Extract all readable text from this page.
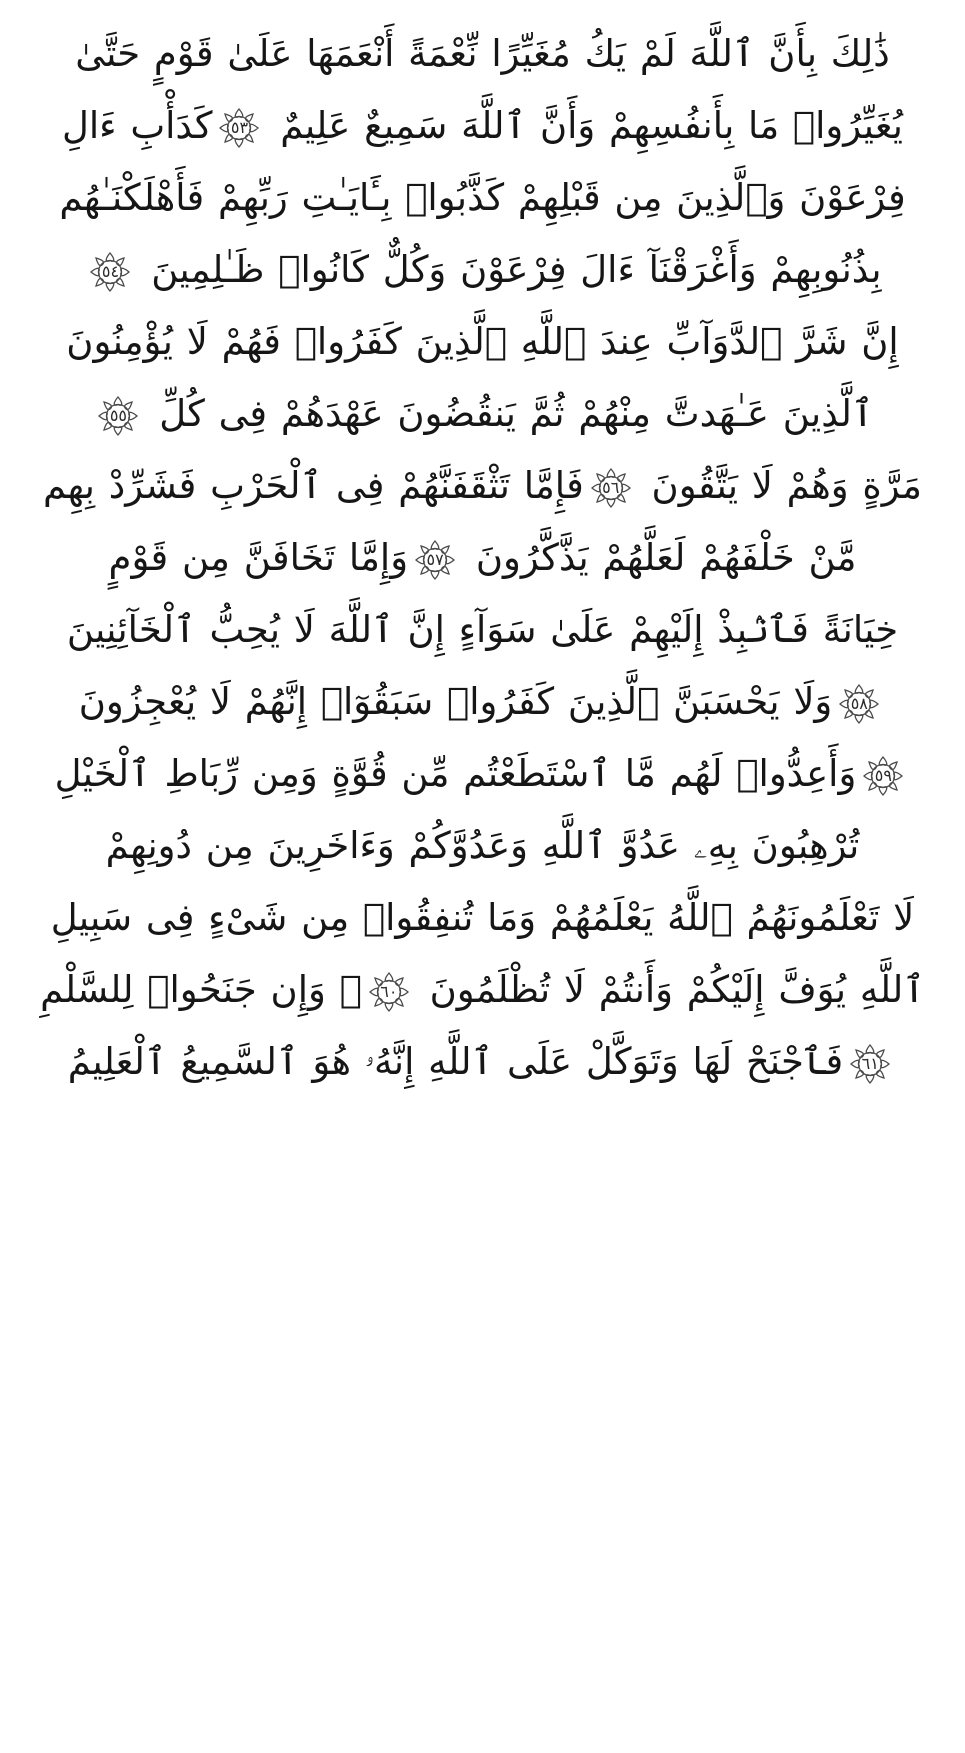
ذَٰلِكَ بِأَنَّ ٱللَّهَ لَمْ يَكُ مُغَيِّرًا نِّعْمَةً أَنْعَمَهَا عَلَىٰ قَوْمٍ حَتَّىٰ
يُغَيِّرُوا۟ مَا بِأَنفُسِهِمْ وَأَنَّ ٱللَّهَ سَمِيعٌ عَلِيمٌ
٥٣كَدَأْبِ ءَالِ
فِرْعَوْنَ وَٱلَّذِينَ مِن قَبْلِهِمْ كَذَّبُوا۟ بِـَٔايَـٰتِ رَبِّهِمْ فَأَهْلَكْنَـٰهُم
بِذُنُوبِهِمْ وَأَغْرَقْنَآ ءَالَ فِرْعَوْنَ وَكُلٌّ كَانُوا۟ ظَـٰلِمِينَ
٥٤
إِنَّ شَرَّ ٱلدَّوَآبِّ عِندَ ٱللَّهِ ٱلَّذِينَ كَفَرُوا۟ فَهُمْ لَا يُؤْمِنُونَ
ٱلَّذِينَ عَـٰهَدتَّ مِنْهُمْ ثُمَّ يَنقُضُونَ عَهْدَهُمْ فِى كُلِّ
٥٥
مَرَّةٍ وَهُمْ لَا يَتَّقُونَ
٥٦فَإِمَّا تَثْقَفَنَّهُمْ فِى ٱلْحَرْبِ فَشَرِّدْ بِهِم
مَّنْ خَلْفَهُمْ لَعَلَّهُمْ يَذَّكَّرُونَ
٥٧وَإِمَّا تَخَافَنَّ مِن قَوْمٍ
خِيَانَةً فَٱنۢبِذْ إِلَيْهِمْ عَلَىٰ سَوَآءٍ إِنَّ ٱللَّهَ لَا يُحِبُّ ٱلْخَآئِنِينَ
٥٨وَلَا يَحْسَبَنَّ ٱلَّذِينَ كَفَرُوا۟ سَبَقُوٓا۟ إِنَّهُمْ لَا يُعْجِزُونَ
٥٩وَأَعِدُّوا۟ لَهُم مَّا ٱسْتَطَعْتُم مِّن قُوَّةٍ وَمِن رِّبَاطِ ٱلْخَيْلِ
تُرْهِبُونَ بِهِۦ عَدُوَّ ٱللَّهِ وَعَدُوَّكُمْ وَءَاخَرِينَ مِن دُونِهِمْ
لَا تَعْلَمُونَهُمُ ٱللَّهُ يَعْلَمُهُمْ وَمَا تُنفِقُوا۟ مِن شَىْءٍ فِى سَبِيلِ
ٱللَّهِ يُوَفَّ إِلَيْكُمْ وَأَنتُمْ لَا تُظْلَمُونَ
٦٠۞ وَإِن جَنَحُوا۟ لِلسَّلْمِ
٦١فَٱجْنَحْ لَهَا وَتَوَكَّلْ عَلَى ٱللَّهِ إِنَّهُۥ هُوَ ٱلسَّمِيعُ ٱلْعَلِيمُ
